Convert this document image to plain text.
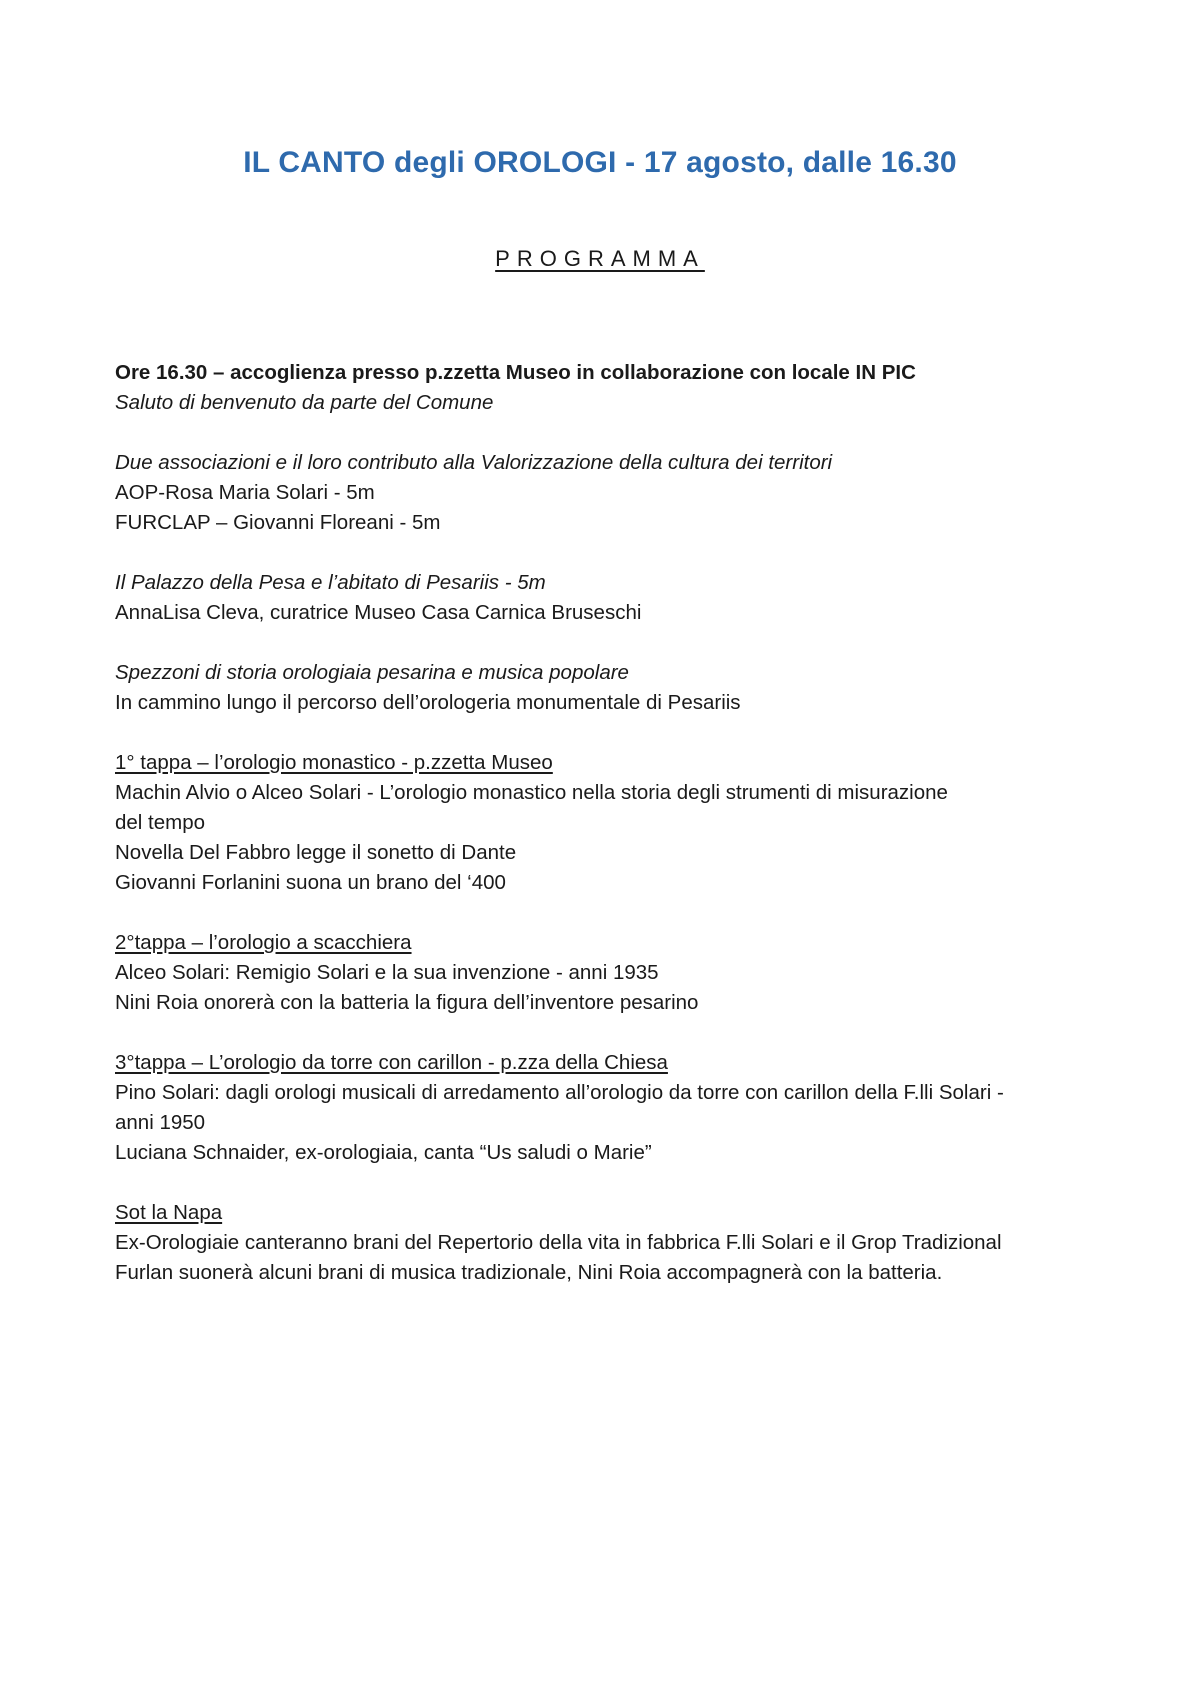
IL CANTO degli OROLOGI - 17 agosto, dalle 16.30
PROGRAMMA
Ore 16.30 – accoglienza presso p.zzetta Museo in collaborazione con locale IN PIC
Saluto di benvenuto da parte del Comune
Due associazioni e il loro contributo alla Valorizzazione della cultura dei territori
AOP-Rosa Maria Solari - 5m
FURCLAP – Giovanni Floreani - 5m
Il Palazzo della Pesa e l’abitato di Pesariis - 5m
AnnaLisa Cleva, curatrice Museo Casa Carnica Bruseschi
Spezzoni di storia orologiaia pesarina e musica popolare
In cammino lungo il percorso dell’orologeria monumentale di Pesariis
1° tappa – l’orologio monastico - p.zzetta Museo
Machin Alvio o Alceo Solari - L’orologio monastico nella storia degli strumenti di misurazione
del tempo
Novella Del Fabbro legge il sonetto di Dante
Giovanni Forlanini suona un brano del ‘400
2°tappa – l’orologio a scacchiera
Alceo Solari: Remigio Solari e la sua invenzione - anni 1935
Nini Roia onorerà con la batteria la figura dell’inventore pesarino
3°tappa – L’orologio da torre con carillon - p.zza della Chiesa
Pino Solari: dagli orologi musicali di arredamento all’orologio da torre con carillon della F.lli Solari -
anni 1950
Luciana Schnaider, ex-orologiaia, canta “Us saludi o Marie”
Sot la Napa
Ex-Orologiaie canteranno brani del Repertorio della vita in fabbrica F.lli Solari e il Grop Tradizional
Furlan suonerà alcuni brani di musica tradizionale, Nini Roia accompagnerà con la batteria.
